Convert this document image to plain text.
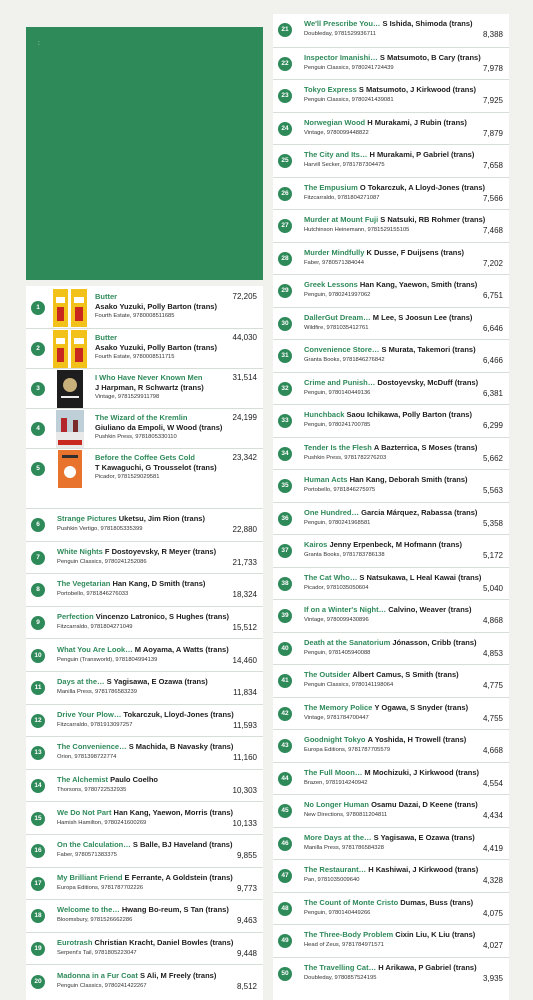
:

1
Butter
Asako Yuzuki, Polly Barton (trans)
Fourth Estate, 9780008511685
72,205
2
Butter
Asako Yuzuki, Polly Barton (trans)
Fourth Estate, 9780008511715
44,030
3
I Who Have Never Known Men
J Harpman, R Schwartz (trans)
Vintage, 9781529911798
31,514
4
The Wizard of the Kremlin
Giuliano da Empoli, W Wood (trans)
Pushkin Press, 9781805330110
24,199
5
Before the Coffee Gets Cold
T Kawaguchi, G Trousselot (trans)
Picador, 9781529029581
23,342
6
Strange Pictures Uketsu, Jim Rion (trans)
Pushkin Vertigo, 9781805335399	22,880
7
White Nights F Dostoyevsky, R Meyer (trans)
Penguin Classics, 9780241252086	21,733
8
The Vegetarian Han Kang, D Smith (trans)
Portobello, 9781846276033	18,324
9
Perfection Vincenzo Latronico, S Hughes (trans)
Fitzcarraldo, 9781804271049	15,512
10
What You Are Look… M Aoyama, A Watts (trans)
Penguin (Transworld), 9781804994139	14,460
11
Days at the… S Yagisawa, E Ozawa (trans)
Manilla Press, 9781786583239	11,834
12
Drive Your Plow… Tokarczuk, Lloyd-Jones (trans)
Fitzcarraldo, 9781913097257	11,593
13
The Convenience… S Machida, B Navasky (trans)
Orion, 9781398722774	11,160
14
The Alchemist Paulo Coelho
Thorsons, 9780722532935	10,303
15
We Do Not Part Han Kang, Yaewon, Morris (trans)
Hamish Hamilton, 9780241600269	10,133
16
On the Calculation… S Balle, BJ Haveland (trans)
Faber, 9780571383375	9,855
17
My Brilliant Friend E Ferrante, A Goldstein (trans)
Europa Editions, 9781787702226	9,773
18
Welcome to the… Hwang Bo-reum, S Tan (trans)
Bloomsbury, 9781526662286	9,463
19
Eurotrash Christian Kracht, Daniel Bowles (trans)
Serpent's Tail, 9781805223047	9,448
20
Madonna in a Fur Coat S Ali, M Freely (trans)
Penguin Classics, 9780241422267	8,512
21
We'll Prescribe You… S Ishida, Shimoda (trans)
Doubleday, 9781529936711	8,388
22
Inspector Imanishi… S Matsumoto, B Cary (trans)
Penguin Classics, 9780241724439	7,978
23
Tokyo Express S Matsumoto, J Kirkwood (trans)
Penguin Classics, 9780241439081	7,925
24
Norwegian Wood H Murakami, J Rubin (trans)
Vintage, 9780099448822	7,879
25
The City and Its… H Murakami, P Gabriel (trans)
Harvill Secker, 9781787304475	7,658
26
The Empusium O Tokarczuk, A Lloyd-Jones (trans)
Fitzcarraldo, 9781804271087	7,566
27
Murder at Mount Fuji S Natsuki, RB Rohmer (trans)
Hutchinson Heinemann, 9781529155105	7,468
28
Murder Mindfully K Dusse, F Duijsens (trans)
Faber, 9780571384044	7,202
29
Greek Lessons Han Kang, Yaewon, Smith (trans)
Penguin, 9780241997062	6,751
30
DallerGut Dream… M Lee, S Joosun Lee (trans)
Wildfire, 9781035412761	6,646
31
Convenience Store… S Murata, Takemori (trans)
Granta Books, 9781846276842	6,466
32
Crime and Punish… Dostoyevsky, McDuff (trans)
Penguin, 9780140449136	6,381
33
Hunchback Saou Ichikawa, Polly Barton (trans)
Penguin, 9780241700785	6,299
34
Tender Is the Flesh A Bazterrica, S Moses (trans)
Pushkin Press, 9781782276203	5,662
35
Human Acts Han Kang, Deborah Smith (trans)
Portobello, 9781846275975	5,563
36
One Hundred… Garcia Márquez, Rabassa (trans)
Penguin, 9780241968581	5,358
37
Kairos Jenny Erpenbeck, M Hofmann (trans)
Granta Books, 9781783786138	5,172
38
The Cat Who… S Natsukawa, L Heal Kawai (trans)
Picador, 9781035050604	5,040
39
If on a Winter's Night… Calvino, Weaver (trans)
Vintage, 9780099430896	4,868
40
Death at the Sanatorium Jónasson, Cribb (trans)
Penguin, 9781405940088	4,853
41
The Outsider Albert Camus, S Smith (trans)
Penguin Classics, 9780141198064	4,775
42
The Memory Police Y Ogawa, S Snyder (trans)
Vintage, 9781784700447	4,755
43
Goodnight Tokyo A Yoshida, H Trowell (trans)
Europa Editions, 9781787705579	4,668
44
The Full Moon… M Mochizuki, J Kirkwood (trans)
Brazen, 9781914240942	4,554
45
No Longer Human Osamu Dazai, D Keene (trans)
New Directions, 9780811204811	4,434
46
More Days at the… S Yagisawa, E Ozawa (trans)
Manilla Press, 9781786584328	4,419
47
The Restaurant… H Kashiwai, J Kirkwood (trans)
Pan, 9781035009640	4,328
48
The Count of Monte Cristo Dumas, Buss (trans)
Penguin, 9780140449266	4,075
49
The Three-Body Problem Cixin Liu, K Liu (trans)
Head of Zeus, 9781784971571	4,027
50
The Travelling Cat… H Arikawa, P Gabriel (trans)
Doubleday, 9780857524195	3,935
